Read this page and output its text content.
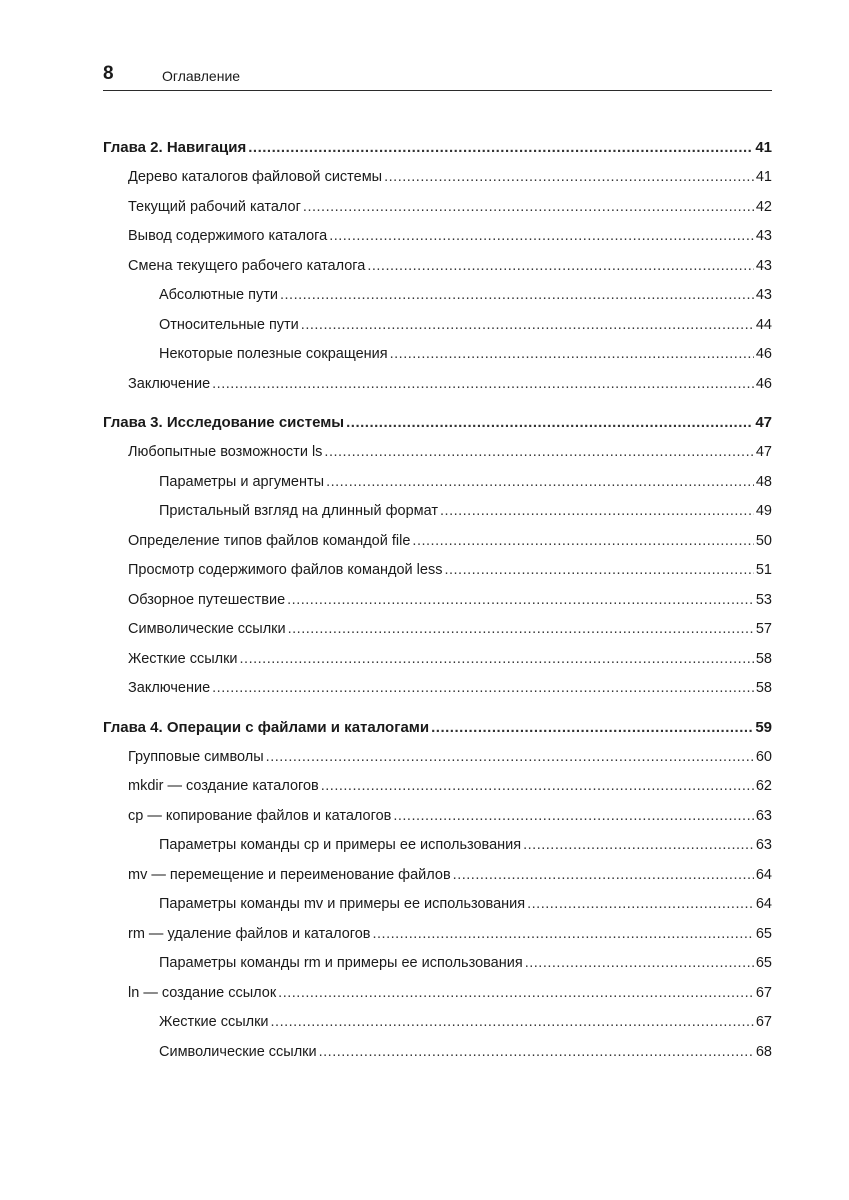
8	Оглавление
Глава 2. Навигация .....	41
Дерево каталогов файловой системы .....	41
Текущий рабочий каталог .....	42
Вывод содержимого каталога .....	43
Смена текущего рабочего каталога .....	43
Абсолютные пути .....	43
Относительные пути .....	44
Некоторые полезные сокращения .....	46
Заключение .....	46
Глава 3. Исследование системы .....	47
Любопытные возможности ls .....	47
Параметры и аргументы .....	48
Пристальный взгляд на длинный формат .....	49
Определение типов файлов командой file .....	50
Просмотр содержимого файлов командой less .....	51
Обзорное путешествие .....	53
Символические ссылки .....	57
Жесткие ссылки .....	58
Заключение .....	58
Глава 4. Операции с файлами и каталогами .....	59
Групповые символы .....	60
mkdir — создание каталогов .....	62
cp — копирование файлов и каталогов .....	63
Параметры команды cp и примеры ее использования .....	63
mv — перемещение и переименование файлов .....	64
Параметры команды mv и примеры ее использования .....	64
rm — удаление файлов и каталогов .....	65
Параметры команды rm и примеры ее использования .....	65
ln — создание ссылок .....	67
Жесткие ссылки .....	67
Символические ссылки .....	68
